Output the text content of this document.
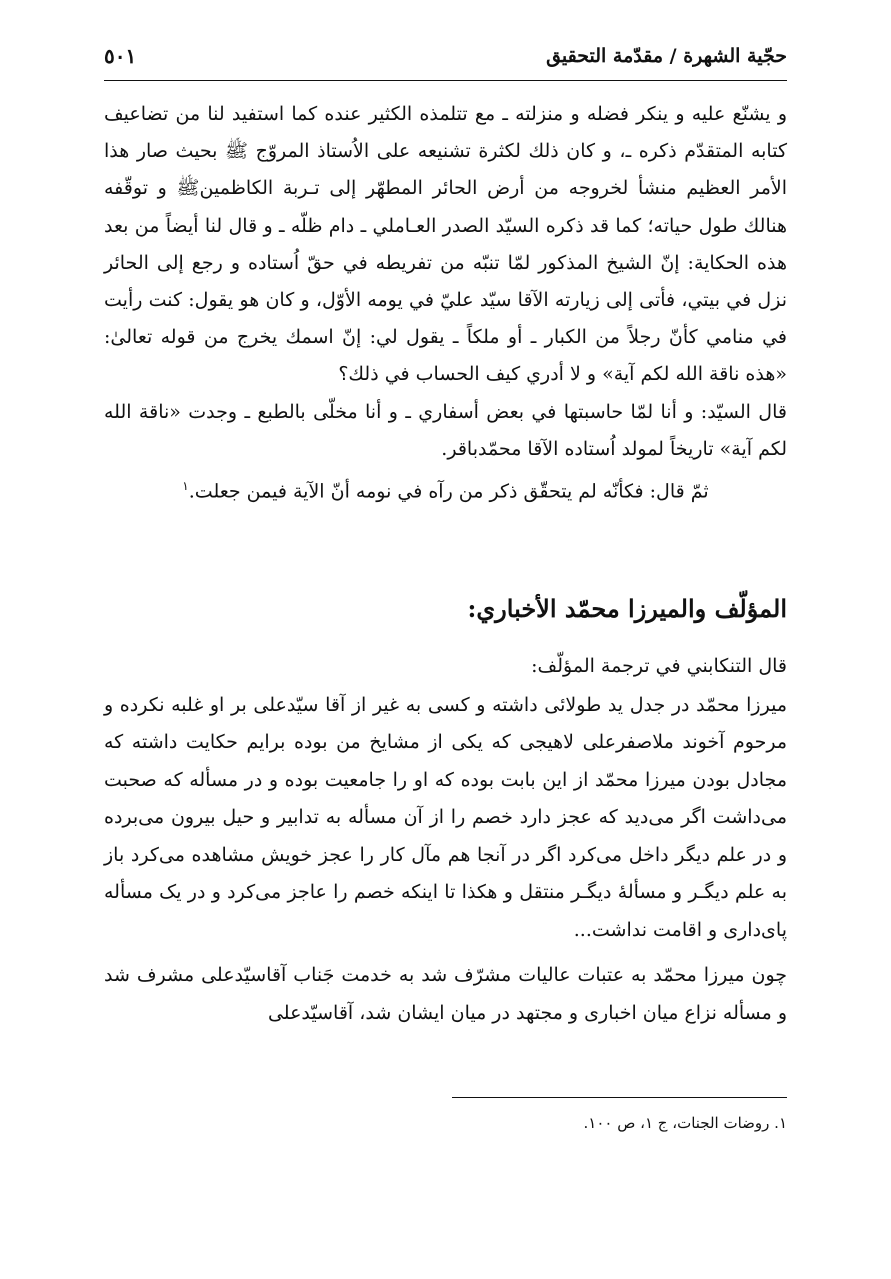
حجّية الشهرة / مقدّمة التحقيق
٥٠١

و يشنّع عليه و ينكر فضله و منزلته ـ مع تتلمذه الكثير عنده كما استفيد لنا من تضاعيف كتابه المتقدّم ذكره ـ، و كان ذلك لكثرة تشنيعه على الاُستاذ المروّج ﷺ بحيث صار هذا الأمر العظيم منشأ لخروجه من أرض الحائر المطهّر إلى تـربة الكاظمينﷺ و توقّفه هنالك طول حياته؛ كما قد ذكره السيّد الصدر العـاملي ـ دام ظلّه ـ و قال لنا أيضاً من بعد هذه الحكاية: إنّ الشيخ المذكور لمّا تنبّه من تفريطه في حقّ اُستاده و رجع إلى الحائر نزل في بيتي، فأتى إلى زيارته الآقا سيّد عليّ في يومه الأوّل، و كان هو يقول: كنت رأيت في منامي كأنّ رجلاً من الكبار ـ أو ملكاً ـ يقول لي: إنّ اسمك يخرج من قوله تعالىٰ: «هذه ناقة الله لكم آية» و لا أدري كيف الحساب في ذلك؟

قال السيّد: و أنا لمّا حاسبتها في بعض أسفاري ـ و أنا مخلّى بالطبع ـ وجدت «ناقة الله لكم آية» تاريخاً لمولد اُستاده الآقا محمّدباقر.

ثمّ قال: فكأنّه لم يتحقّق ذكر من رآه في نومه أنّ الآية فيمن جعلت.$^١$

المؤلّف والميرزا محمّد الأخباري:

قال التنكابني في ترجمة المؤلّف:

ميرزا محمّد در جدل يد طولائى داشته و كسى به غير از آقا سيّدعلى بر او غلبه نكرده و مرحوم آخوند ملاصفرعلى لاهيجى كه يكى از مشايخ من بوده برايم حكايت داشته كه مجادل بودن ميرزا محمّد از اين بابت بوده كه او را جامعيت بوده و در مسأله كه صحبت مى‌داشت اگر مى‌ديد كه عجز دارد خصم را از آن مسأله به تدابير و حيل بيرون مى‌برده و در علم ديگر داخل مى‌كرد اگر در آنجا هم مآل كار را عجز خويش مشاهده مى‌كرد باز به علم ديگـر و مسألهٔ ديگـر منتقل و هكذا تا اينكه خصم را عاجز مى‌كرد و در يک مسأله پاى‌دارى و اقامت نداشت...

چون ميرزا محمّد به عتبات عاليات مشرّف شد به خدمت جَناب آقاسيّدعلى مشرف شد و مسأله نزاع ميان اخبارى و مجتهد در ميان ايشان شد، آقاسيّدعلى

١. روضات الجنات، ج ١، ص ١٠٠.
